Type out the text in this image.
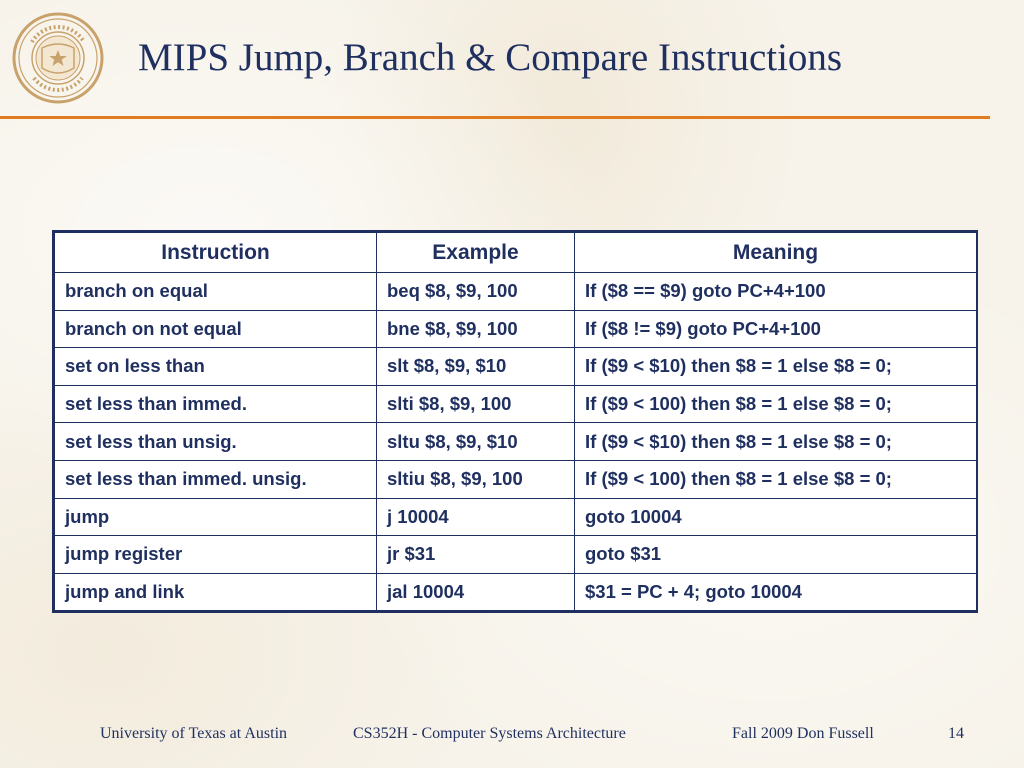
MIPS Jump, Branch & Compare Instructions
Instruction	Example	Meaning
branch on equal	beq $8, $9, 100	If ($8 == $9) goto PC+4+100
branch on not equal	bne $8, $9, 100	If ($8 != $9) goto PC+4+100
set on less than	slt $8, $9, $10	If ($9 < $10) then $8 = 1 else $8 = 0;
set less than immed.	slti $8, $9, 100	If ($9 < 100) then $8 = 1 else $8 = 0;
set less than unsig.	sltu $8, $9, $10	If ($9 < $10) then $8 = 1 else $8 = 0;
set less than immed. unsig.	sltiu $8, $9, 100	If ($9 < 100) then $8 = 1 else $8 = 0;
jump	j 10004	goto 10004
jump register	jr $31	goto $31
jump and link	jal 10004	$31 = PC + 4; goto 10004
University of Texas at Austin	CS352H - Computer Systems Architecture	Fall 2009 Don Fussell	14
